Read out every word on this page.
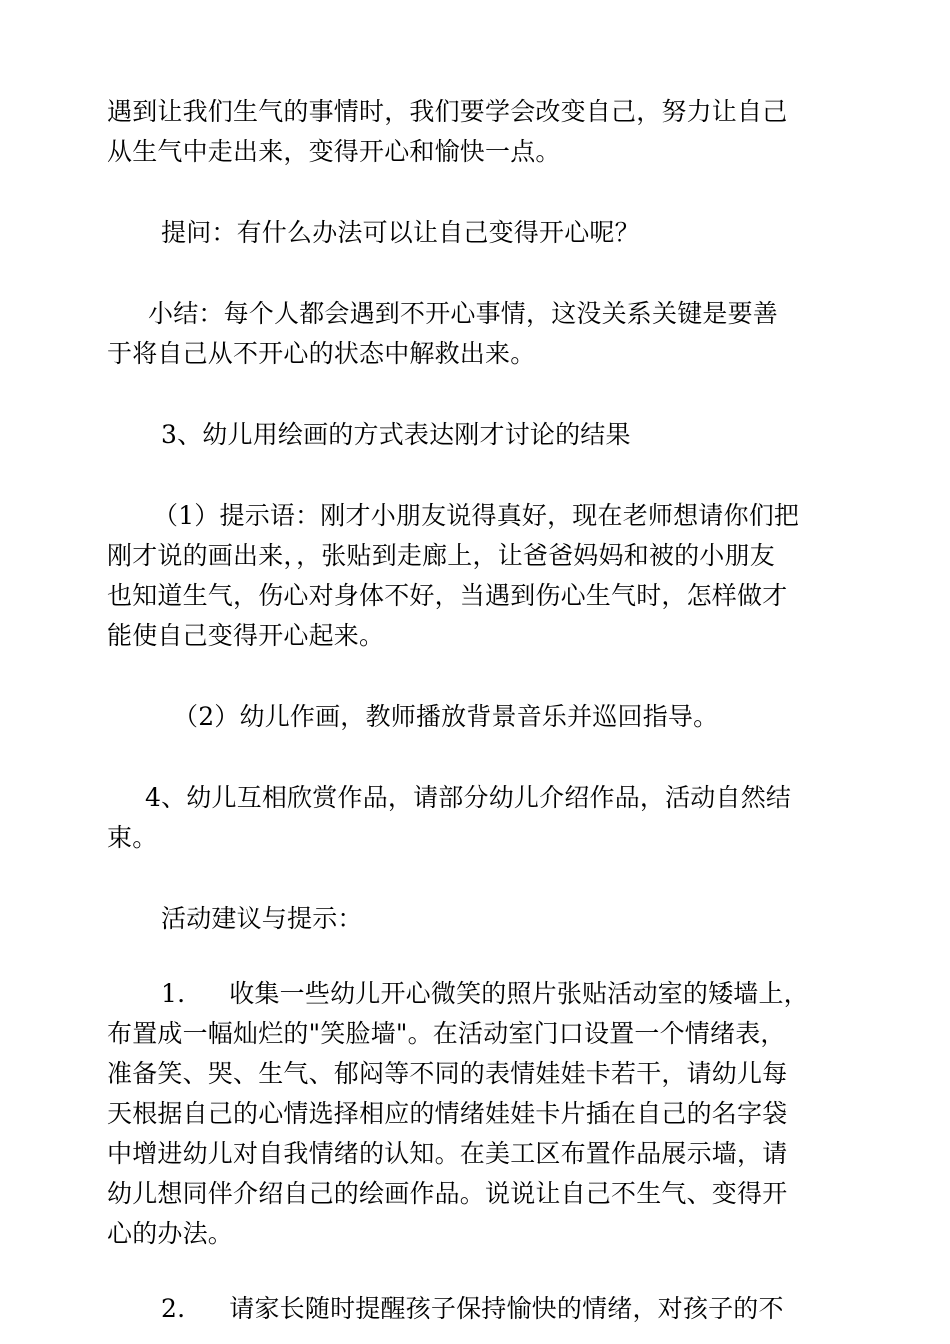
遇到让我们生气的事情时，我们要学会改变自己，努力让自己
从生气中走出来，变得开心和愉快一点。

提问：有什么办法可以让自己变得开心呢？

小结：每个人都会遇到不开心事情，这没关系关键是要善
于将自己从不开心的状态中解救出来。

3、幼儿用绘画的方式表达刚才讨论的结果

（1）提示语：刚才小朋友说得真好，现在老师想请你们把
刚才说的画出来，，张贴到走廊上，让爸爸妈妈和被的小朋友
也知道生气，伤心对身体不好，当遇到伤心生气时，怎样做才
能使自己变得开心起来。

（2）幼儿作画，教师播放背景音乐并巡回指导。

4、幼儿互相欣赏作品，请部分幼儿介绍作品，活动自然结
束。

活动建议与提示：

1. 收集一些幼儿开心微笑的照片张贴活动室的矮墙上，
布置成一幅灿烂的"笑脸墙"。在活动室门口设置一个情绪表，
准备笑、哭、生气、郁闷等不同的表情娃娃卡若干，请幼儿每
天根据自己的心情选择相应的情绪娃娃卡片插在自己的名字袋
中增进幼儿对自我情绪的认知。在美工区布置作品展示墙，请
幼儿想同伴介绍自己的绘画作品。说说让自己不生气、变得开
心的办法。

2. 请家长随时提醒孩子保持愉快的情绪，对孩子的不
